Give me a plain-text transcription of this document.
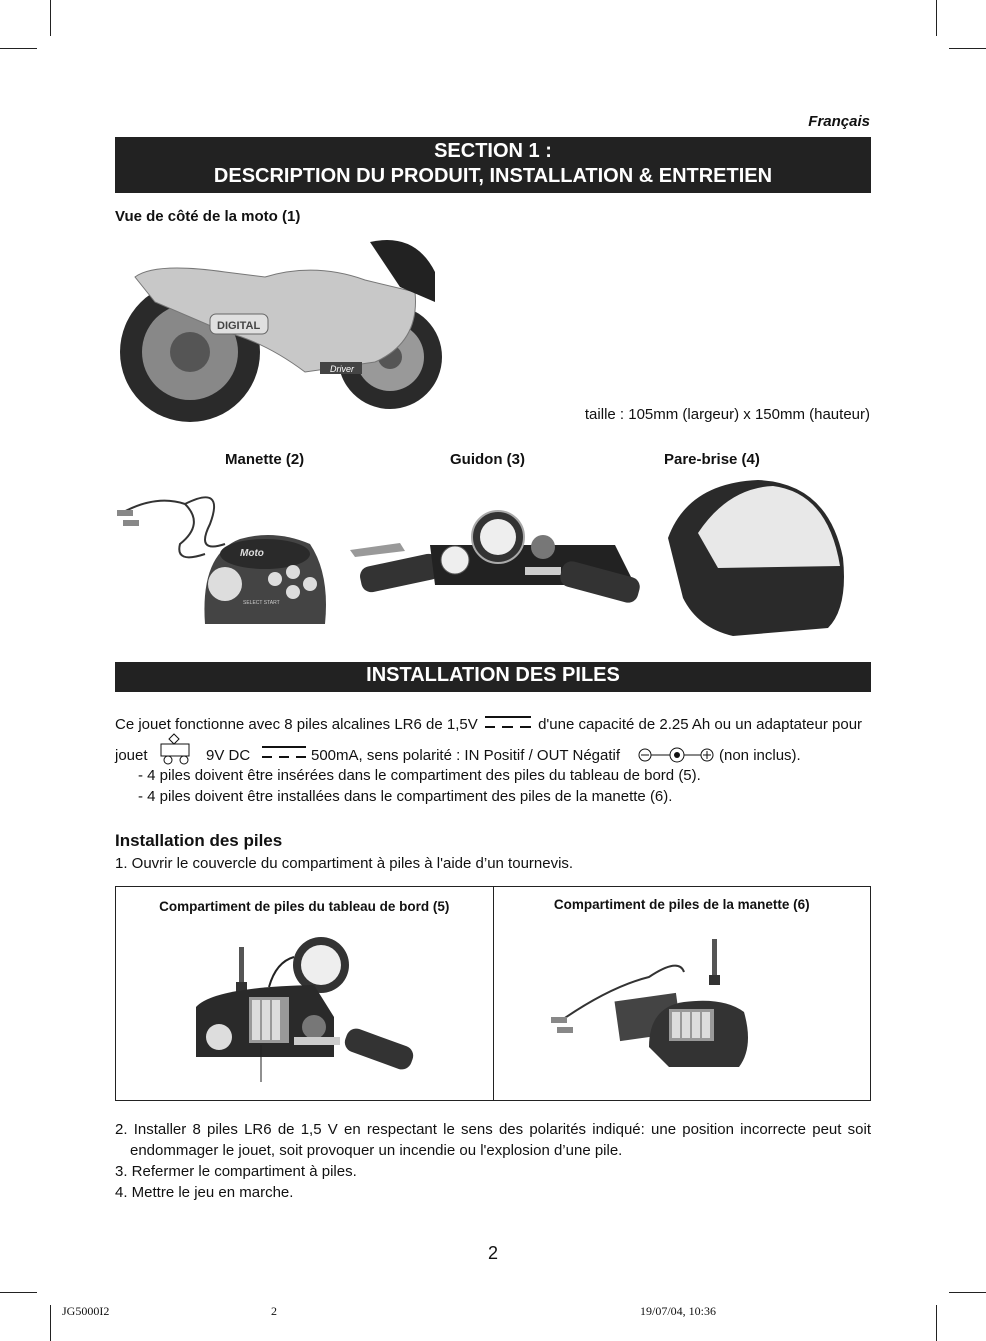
Français
SECTION 1 :
DESCRIPTION DU PRODUIT, INSTALLATION & ENTRETIEN
Vue de côté de la moto (1)
DIGITAL
Driver
taille : 105mm (largeur) x 150mm (hauteur)
Manette (2)	Guidon (3)	Pare-brise (4)
Moto
SELECT START
INSTALLATION DES PILES
Ce jouet fonctionne avec 8 piles alcalines LR6 de 1,5V	d'une capacité de 2.25 Ah ou un adaptateur pour
jouet	9V DC	500mA, sens polarité : IN Positif / OUT Négatif	(non inclus).
- 4 piles doivent être insérées dans le compartiment des piles du tableau de bord (5).
- 4 piles doivent être installées dans le compartiment des piles de la manette (6).
Installation des piles
1. Ouvrir le couvercle du compartiment à piles à l'aide d’un tournevis.
Compartiment de piles du tableau de bord (5)	Compartiment de piles de la manette (6)
2. Installer 8 piles LR6 de 1,5 V en respectant le sens des polarités indiqué: une position incorrecte peut soit
endommager le jouet, soit provoquer un incendie ou l'explosion d’une pile.
3. Refermer le compartiment à piles.
4. Mettre le jeu en marche.
2
JG5000I2	2	19/07/04, 10:36
